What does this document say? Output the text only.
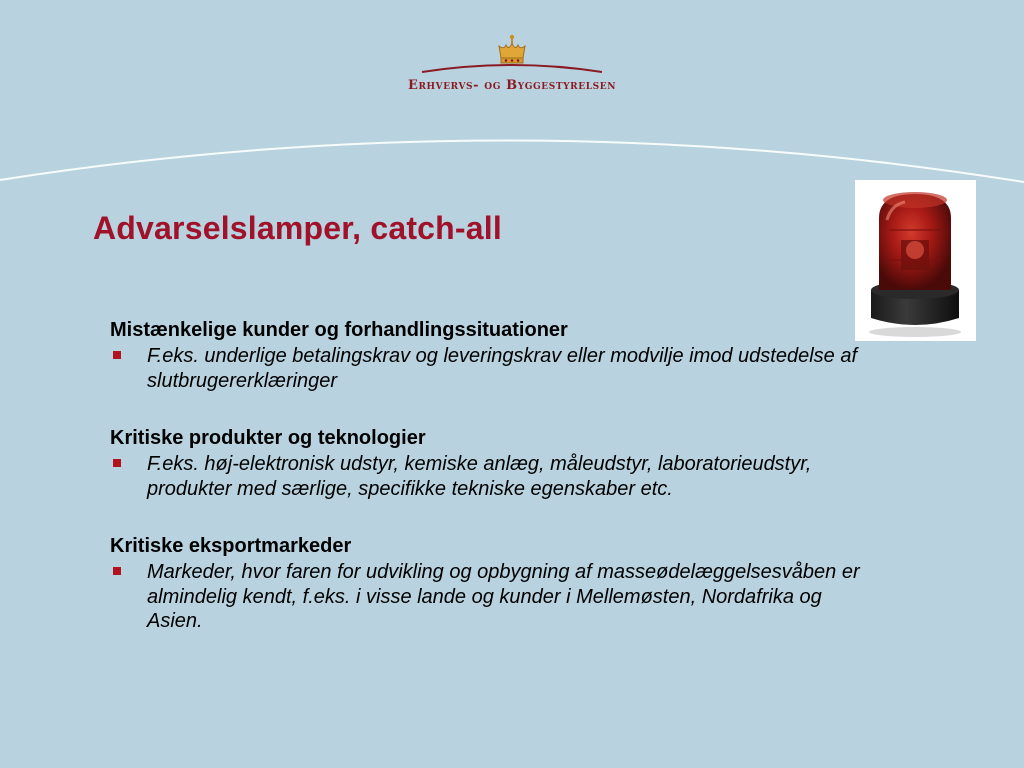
Erhvervs- og Byggestyrelsen
Advarselslamper, catch-all
Mistænkelige kunder og forhandlingssituationer
F.eks. underlige betalingskrav og leveringskrav eller modvilje imod udstedelse af slutbrugererklæringer
Kritiske produkter og teknologier
F.eks. høj-elektronisk udstyr, kemiske anlæg, måleudstyr, laboratorieudstyr, produkter med særlige, specifikke tekniske egenskaber etc.
Kritiske eksportmarkeder
Markeder, hvor faren for udvikling og opbygning af masseødelæggelsesvåben er almindelig kendt, f.eks. i visse lande og kunder i Mellemøsten, Nordafrika og Asien.
